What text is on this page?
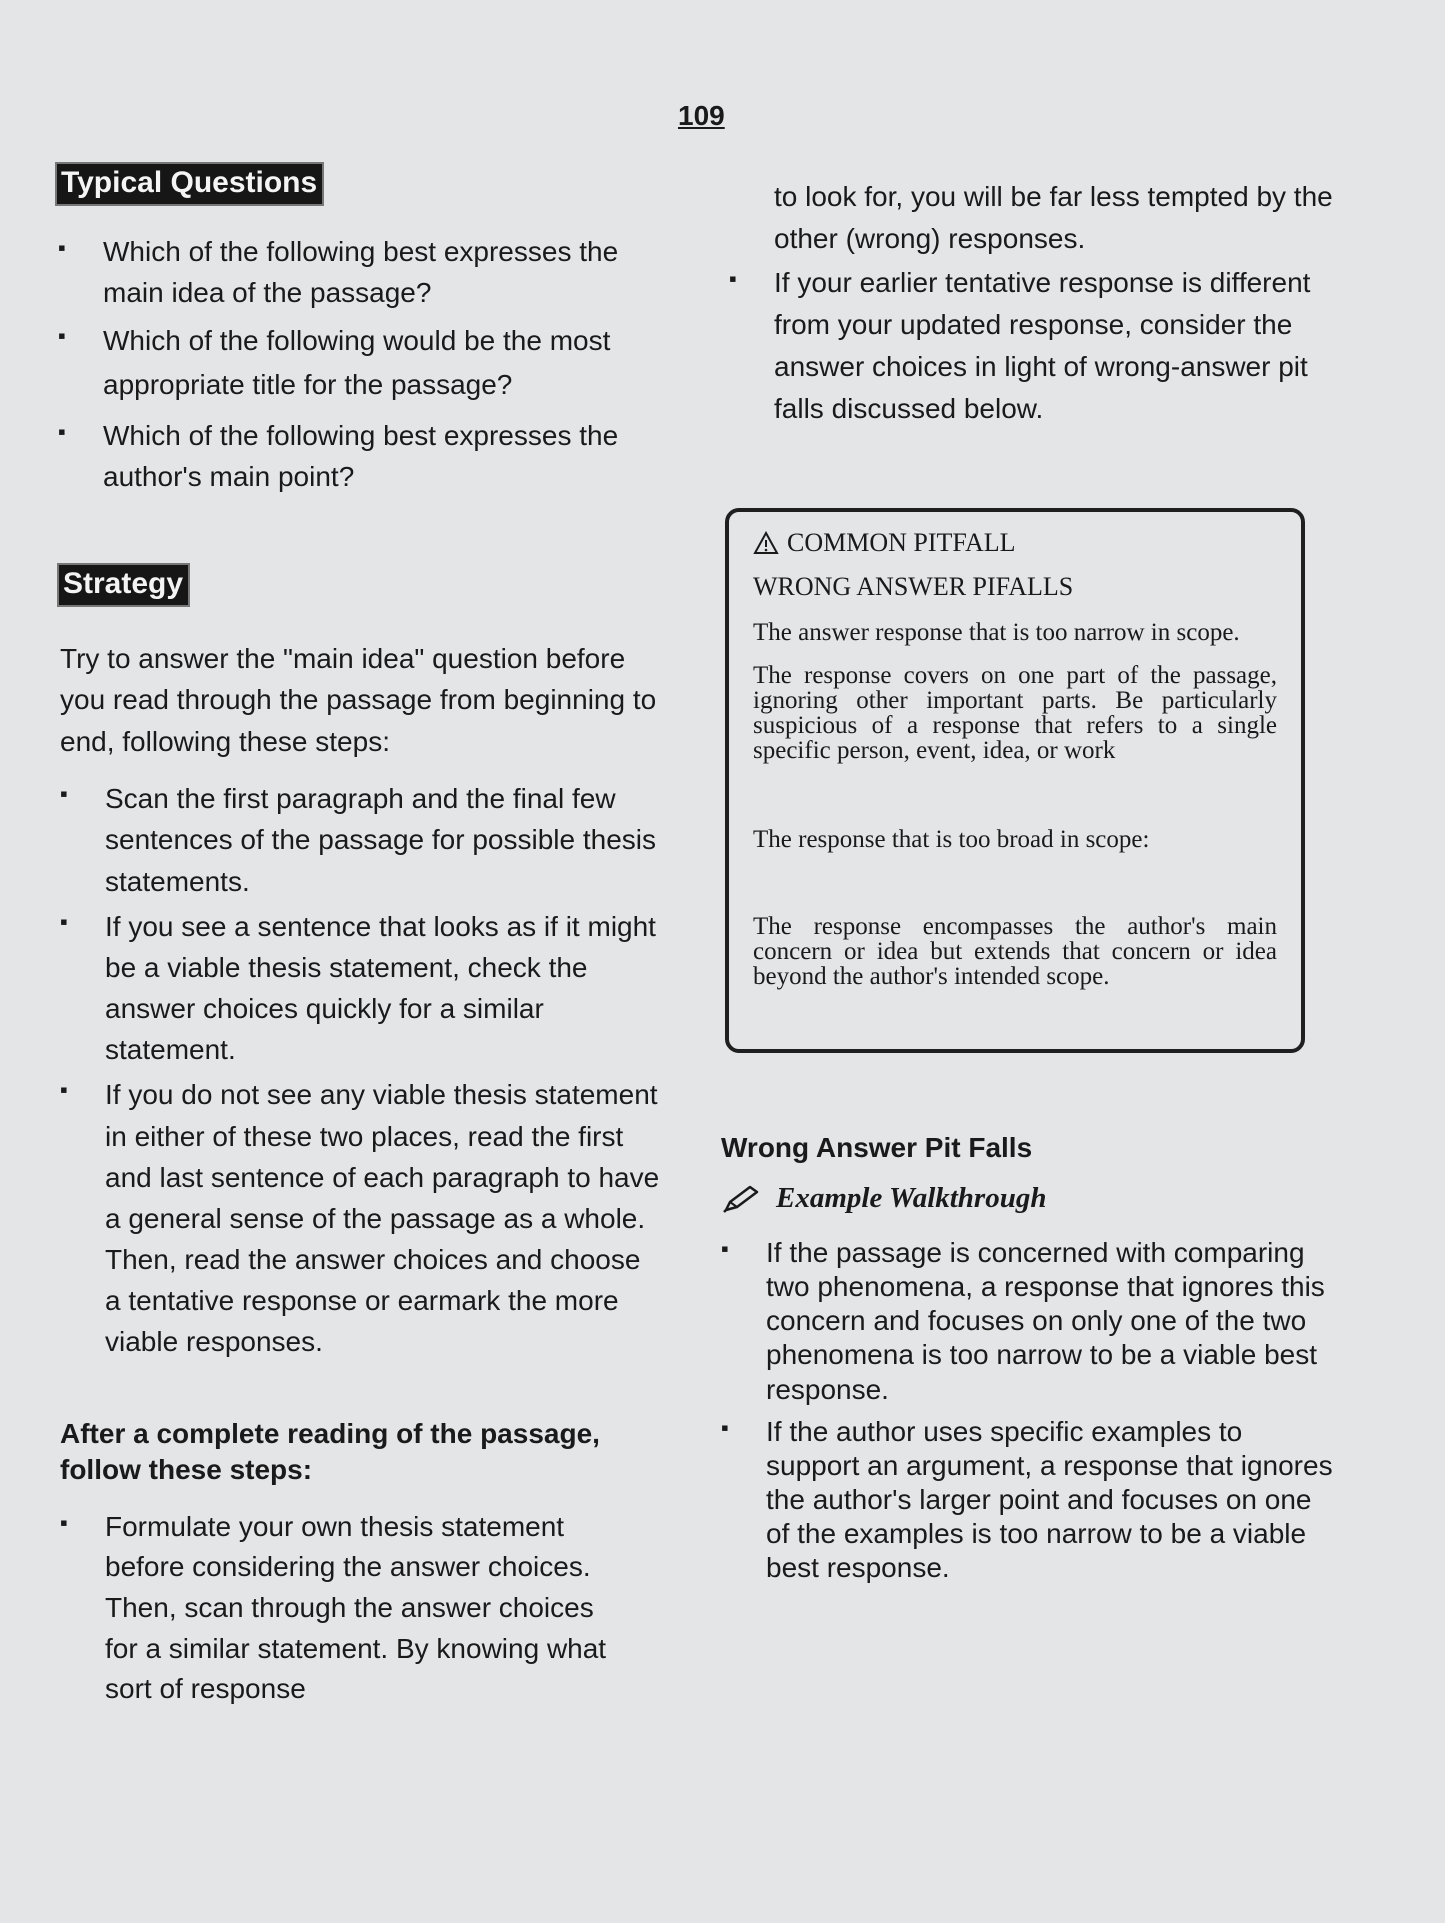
109
Typical Questions
▪ Which of the following best expresses the main idea of the passage?
▪ Which of the following would be the most appropriate title for the passage?
▪ Which of the following best expresses the author's main point?
Strategy

Try to answer the "main idea" question before you read through the passage from beginning to end, following these steps:

▪ Scan the first paragraph and the final few sentences of the passage for possible thesis statements.
▪ If you see a sentence that looks as if it might be a viable thesis statement, check the answer choices quickly for a similar statement.
▪ If you do not see any viable thesis statement in either of these two places, read the first and last sentence of each paragraph to have a general sense of the passage as a whole. Then, read the answer choices and choose a tentative response or earmark the more viable responses.

After a complete reading of the passage, follow these steps:

▪ Formulate your own thesis statement before considering the answer choices. Then, scan through the answer choices for a similar statement. By knowing what sort of response

to look for, you will be far less tempted by the other (wrong) responses.

▪ If your earlier tentative response is different from your updated response, consider the answer choices in light of wrong-answer pit falls discussed below.
COMMON PITFALL
WRONG ANSWER PIFALLS

The answer response that is too narrow in scope.

The response covers on one part of the passage, ignoring other important parts. Be particularly suspicious of a response that refers to a single specific person, event, idea, or work

The response that is too broad in scope:

The response encompasses the author's main concern or idea but extends that concern or idea beyond the author's intended scope.

Wrong Answer Pit Falls

Example Walkthrough
▪ If the passage is concerned with comparing two phenomena, a response that ignores this concern and focuses on only one of the two phenomena is too narrow to be a viable best response.
▪ If the author uses specific examples to support an argument, a response that ignores the author's larger point and focuses on one of the examples is too narrow to be a viable best response.
